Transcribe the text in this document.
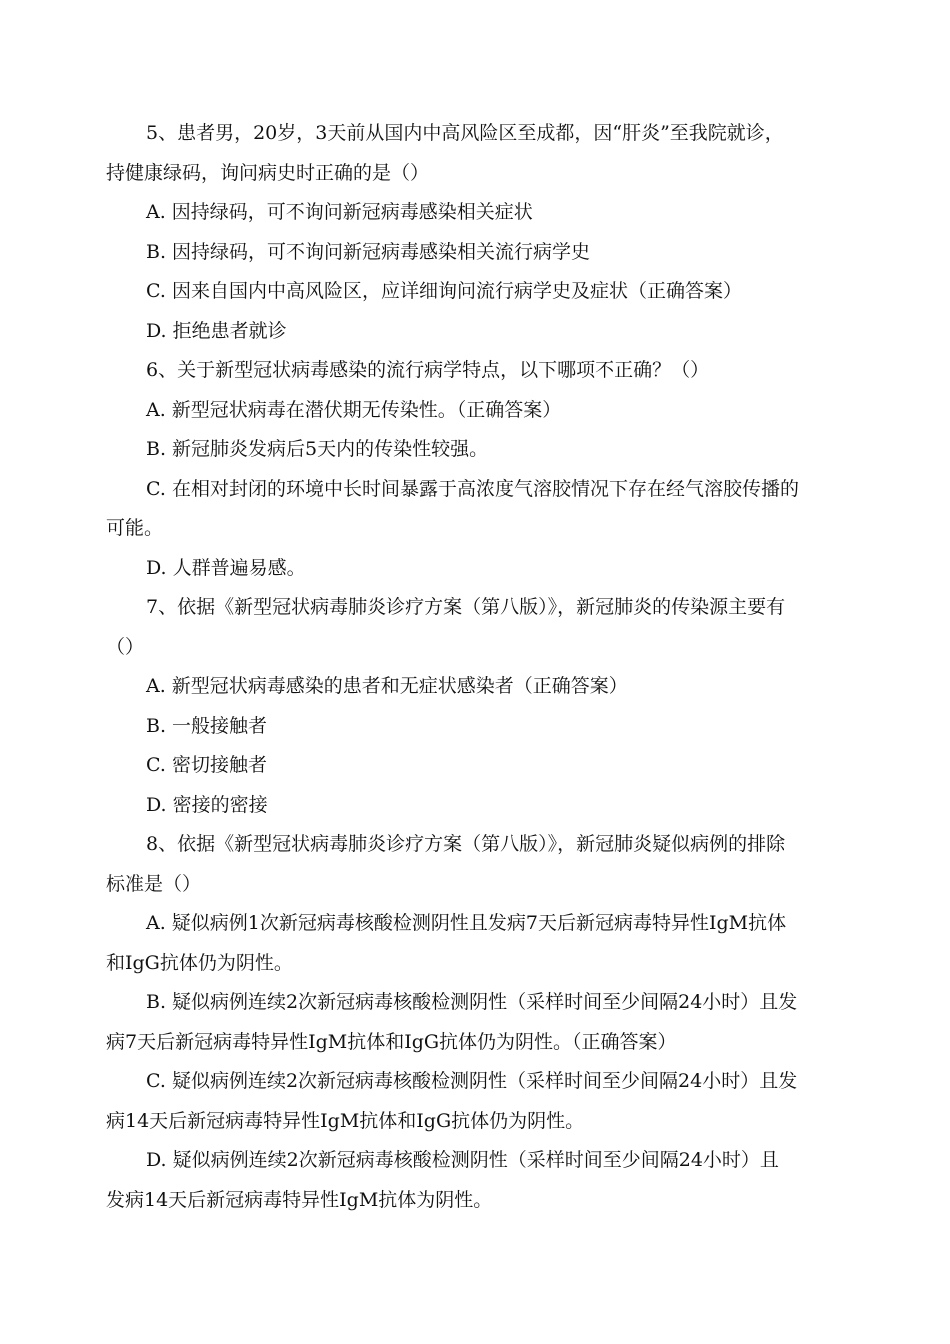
5、患者男，20岁，3天前从国内中高风险区至成都，因“肝炎”至我院就诊，
持健康绿码，询问病史时正确的是（）
A. 因持绿码，可不询问新冠病毒感染相关症状
B. 因持绿码，可不询问新冠病毒感染相关流行病学史
C. 因来自国内中高风险区，应详细询问流行病学史及症状（正确答案）
D. 拒绝患者就诊
6、关于新型冠状病毒感染的流行病学特点，以下哪项不正确？（）
A. 新型冠状病毒在潜伏期无传染性。（正确答案）
B. 新冠肺炎发病后5天内的传染性较强。
C. 在相对封闭的环境中长时间暴露于高浓度气溶胶情况下存在经气溶胶传播的
可能。
D. 人群普遍易感。
7、依据《新型冠状病毒肺炎诊疗方案（第八版）》，新冠肺炎的传染源主要有
（）
A. 新型冠状病毒感染的患者和无症状感染者（正确答案）
B. 一般接触者
C. 密切接触者
D. 密接的密接
8、依据《新型冠状病毒肺炎诊疗方案（第八版）》，新冠肺炎疑似病例的排除
标准是（）
A. 疑似病例1次新冠病毒核酸检测阴性且发病7天后新冠病毒特异性IgM抗体
和IgG抗体仍为阴性。
B. 疑似病例连续2次新冠病毒核酸检测阴性（采样时间至少间隔24小时）且发
病7天后新冠病毒特异性IgM抗体和IgG抗体仍为阴性。（正确答案）
C. 疑似病例连续2次新冠病毒核酸检测阴性（采样时间至少间隔24小时）且发
病14天后新冠病毒特异性IgM抗体和IgG抗体仍为阴性。
D. 疑似病例连续2次新冠病毒核酸检测阴性（采样时间至少间隔24小时）且
发病14天后新冠病毒特异性IgM抗体为阴性。
